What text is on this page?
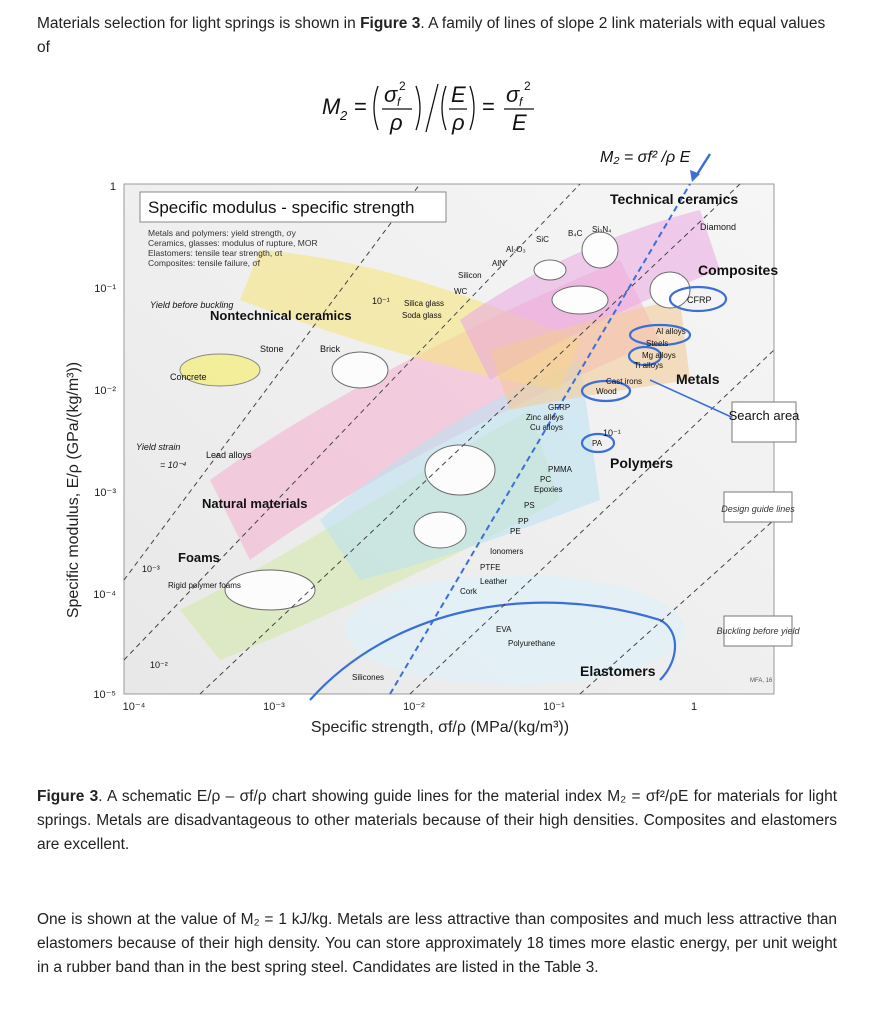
Materials selection for light springs is shown in Figure 3. A family of lines of slope 2 link materials with equal values of
M 2 = σ f
2
ρ
E
ρ
= σ f
2
E
Specific modulus, E/ρ (GPa/(kg/m³))
Specific modulus - specific strength
Metals and polymers: yield strength, σy
Ceramics, glasses: modulus of rupture, MOR
Elastomers: tensile tear strength, σt
Composites: tensile failure, σf
M₂ = σf² /ρ E
Technical ceramics
Diamond
Composites
CFRP
Metals
Polymers
Elastomers
Nontechnical ceramics
Stone	Brick
Concrete
Natural materials
Foams
Yield before buckling
Yield strain
= 10⁻⁴
Lead alloys
Rigid polymer foams
Silicones
EVA
Polyurethane
Cork
Leather
PTFE
Ionomers
PE
PP
PS
Epoxies
PC
PMMA
PA
Cu alloys
Zinc alloys
GFRP
Wood
Cast irons
Ti alloys
Mg alloys
Steels
Al alloys
WC
Silicon
AlN
Al₂O₃
SiC
B₄C Si₃N₄
Silica glass
Soda glass
10⁻¹
10⁻¹
10⁻²
10⁻³
MFA, 16
Search area
Design guide lines
Buckling before yield
1
10⁻¹
10⁻²
10⁻³
10⁻⁴
10⁻⁵
10⁻⁴	10⁻³	10⁻²	10⁻¹	1
Specific strength, σf/ρ (MPa/(kg/m³))
Figure 3. A schematic E/ρ – σf/ρ chart showing guide lines for the material index M₂ = σf²/ρE for materials for light springs. Metals are disadvantageous to other materials because of their high densities. Composites and elastomers are excellent.
One is shown at the value of M₂ = 1 kJ/kg. Metals are less attractive than composites and much less attractive than elastomers because of their high density. You can store approximately 18 times more elastic energy, per unit weight in a rubber band than in the best spring steel. Candidates are listed in the Table 3.
